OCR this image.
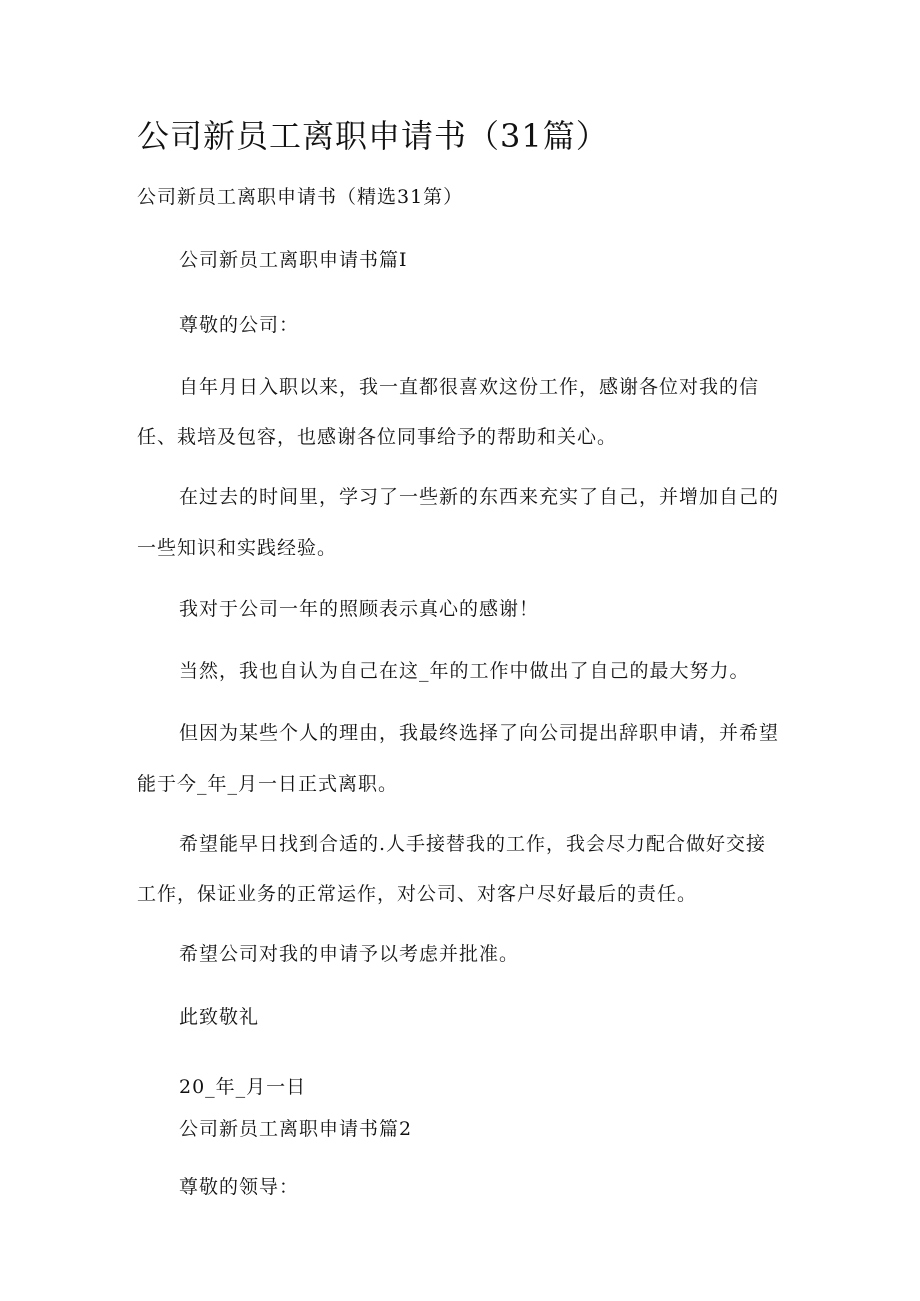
公司新员工离职申请书（31篇）
公司新员工离职申请书（精选31第）
公司新员工离职申请书篇I
尊敬的公司：
自年月日入职以来，我一直都很喜欢这份工作，感谢各位对我的信
任、栽培及包容，也感谢各位同事给予的帮助和关心。
在过去的时间里，学习了一些新的东西来充实了自己，并增加自己的
一些知识和实践经验。
我对于公司一年的照顾表示真心的感谢！
当然，我也自认为自己在这_年的工作中做出了自己的最大努力。
但因为某些个人的理由，我最终选择了向公司提出辞职申请，并希望
能于今_年_月一日正式离职。
希望能早日找到合适的.人手接替我的工作，我会尽力配合做好交接
工作，保证业务的正常运作，对公司、对客户尽好最后的责任。
希望公司对我的申请予以考虑并批准。
此致敬礼
20_年_月一日
公司新员工离职申请书篇2
尊敬的领导：
